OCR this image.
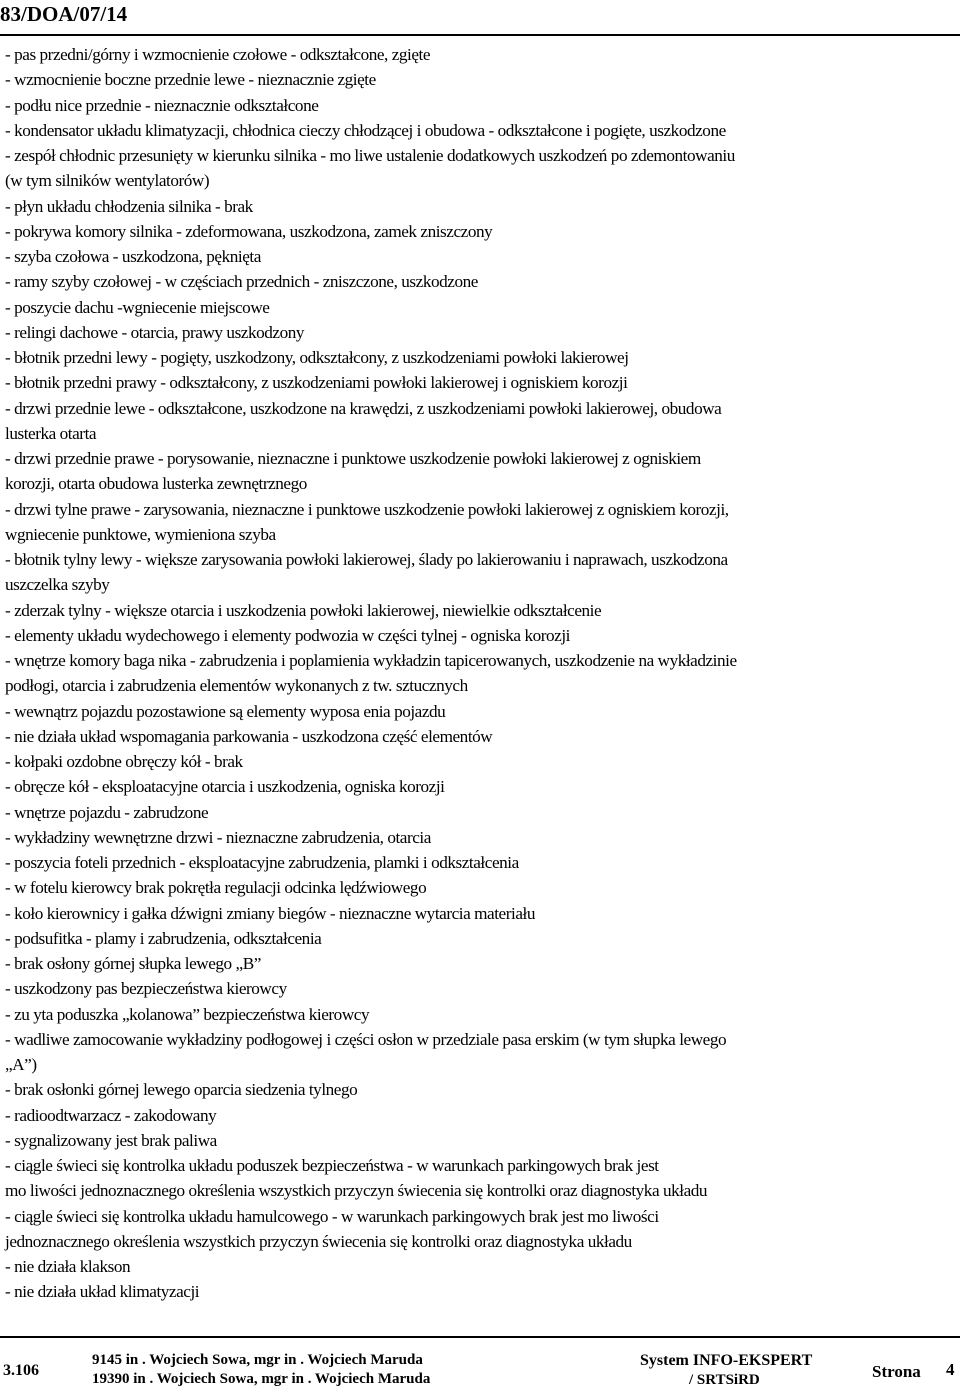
83/DOA/07/14
- pas przedni/górny i wzmocnienie czołowe - odkształcone, zgięte
- wzmocnienie boczne przednie lewe - nieznacznie zgięte
- podłu nice przednie - nieznacznie odkształcone
- kondensator układu klimatyzacji, chłodnica cieczy chłodzącej i obudowa - odkształcone i pogięte, uszkodzone
- zespół chłodnic przesunięty w kierunku silnika - mo liwe ustalenie dodatkowych uszkodzeń po zdemontowaniu
(w tym silników wentylatorów)
- płyn układu chłodzenia silnika - brak
- pokrywa komory silnika - zdeformowana, uszkodzona, zamek zniszczony
- szyba czołowa - uszkodzona, pęknięta
- ramy szyby czołowej - w częściach przednich - zniszczone, uszkodzone
- poszycie dachu -wgniecenie miejscowe
- relingi dachowe - otarcia, prawy uszkodzony
- błotnik przedni lewy - pogięty, uszkodzony, odkształcony, z uszkodzeniami powłoki lakierowej
- błotnik przedni prawy - odkształcony, z uszkodzeniami powłoki lakierowej i ogniskiem korozji
- drzwi przednie lewe - odkształcone, uszkodzone na krawędzi, z uszkodzeniami powłoki lakierowej, obudowa
lusterka otarta
- drzwi przednie prawe - porysowanie, nieznaczne i punktowe uszkodzenie powłoki lakierowej z ogniskiem
korozji, otarta obudowa lusterka zewnętrznego
- drzwi tylne prawe - zarysowania, nieznaczne i punktowe uszkodzenie powłoki lakierowej z ogniskiem korozji,
wgniecenie punktowe, wymieniona szyba
- błotnik tylny lewy - większe zarysowania powłoki lakierowej, ślady po lakierowaniu i naprawach, uszkodzona
uszczelka szyby
- zderzak tylny - większe otarcia i uszkodzenia powłoki lakierowej, niewielkie odkształcenie
- elementy układu wydechowego i elementy podwozia w części tylnej - ogniska korozji
- wnętrze komory baga nika - zabrudzenia i poplamienia wykładzin tapicerowanych, uszkodzenie na wykładzinie
podłogi, otarcia i zabrudzenia elementów wykonanych z tw. sztucznych
- wewnątrz pojazdu pozostawione są elementy wyposa enia pojazdu
- nie działa układ wspomagania parkowania - uszkodzona część elementów
- kołpaki ozdobne obręczy kół - brak
- obręcze kół - eksploatacyjne otarcia i uszkodzenia, ogniska korozji
- wnętrze pojazdu - zabrudzone
- wykładziny wewnętrzne drzwi - nieznaczne zabrudzenia, otarcia
- poszycia foteli przednich - eksploatacyjne zabrudzenia, plamki i odkształcenia
- w fotelu kierowcy brak pokrętła regulacji odcinka lędźwiowego
- koło kierownicy i gałka dźwigni zmiany biegów - nieznaczne wytarcia materiału
- podsufitka - plamy i zabrudzenia, odkształcenia
- brak osłony górnej słupka lewego „B”
- uszkodzony pas bezpieczeństwa kierowcy
- zu yta poduszka „kolanowa” bezpieczeństwa kierowcy
- wadliwe zamocowanie wykładziny podłogowej i części osłon w przedziale pasa erskim (w tym słupka lewego
„A”)
- brak osłonki górnej lewego oparcia siedzenia tylnego
- radioodtwarzacz - zakodowany
- sygnalizowany jest brak paliwa
- ciągle świeci się kontrolka układu poduszek bezpieczeństwa - w warunkach parkingowych brak jest
mo liwości jednoznacznego określenia wszystkich przyczyn świecenia się kontrolki oraz diagnostyka układu
- ciągle świeci się kontrolka układu hamulcowego - w warunkach parkingowych brak jest mo liwości
jednoznacznego określenia wszystkich przyczyn świecenia się kontrolki oraz diagnostyka układu
- nie działa klakson
- nie działa układ klimatyzacji
3.106
9145 in . Wojciech Sowa, mgr in . Wojciech Maruda
19390 in . Wojciech Sowa, mgr in . Wojciech Maruda
System INFO-EKSPERT
/ SRTSiRD	Strona 4
